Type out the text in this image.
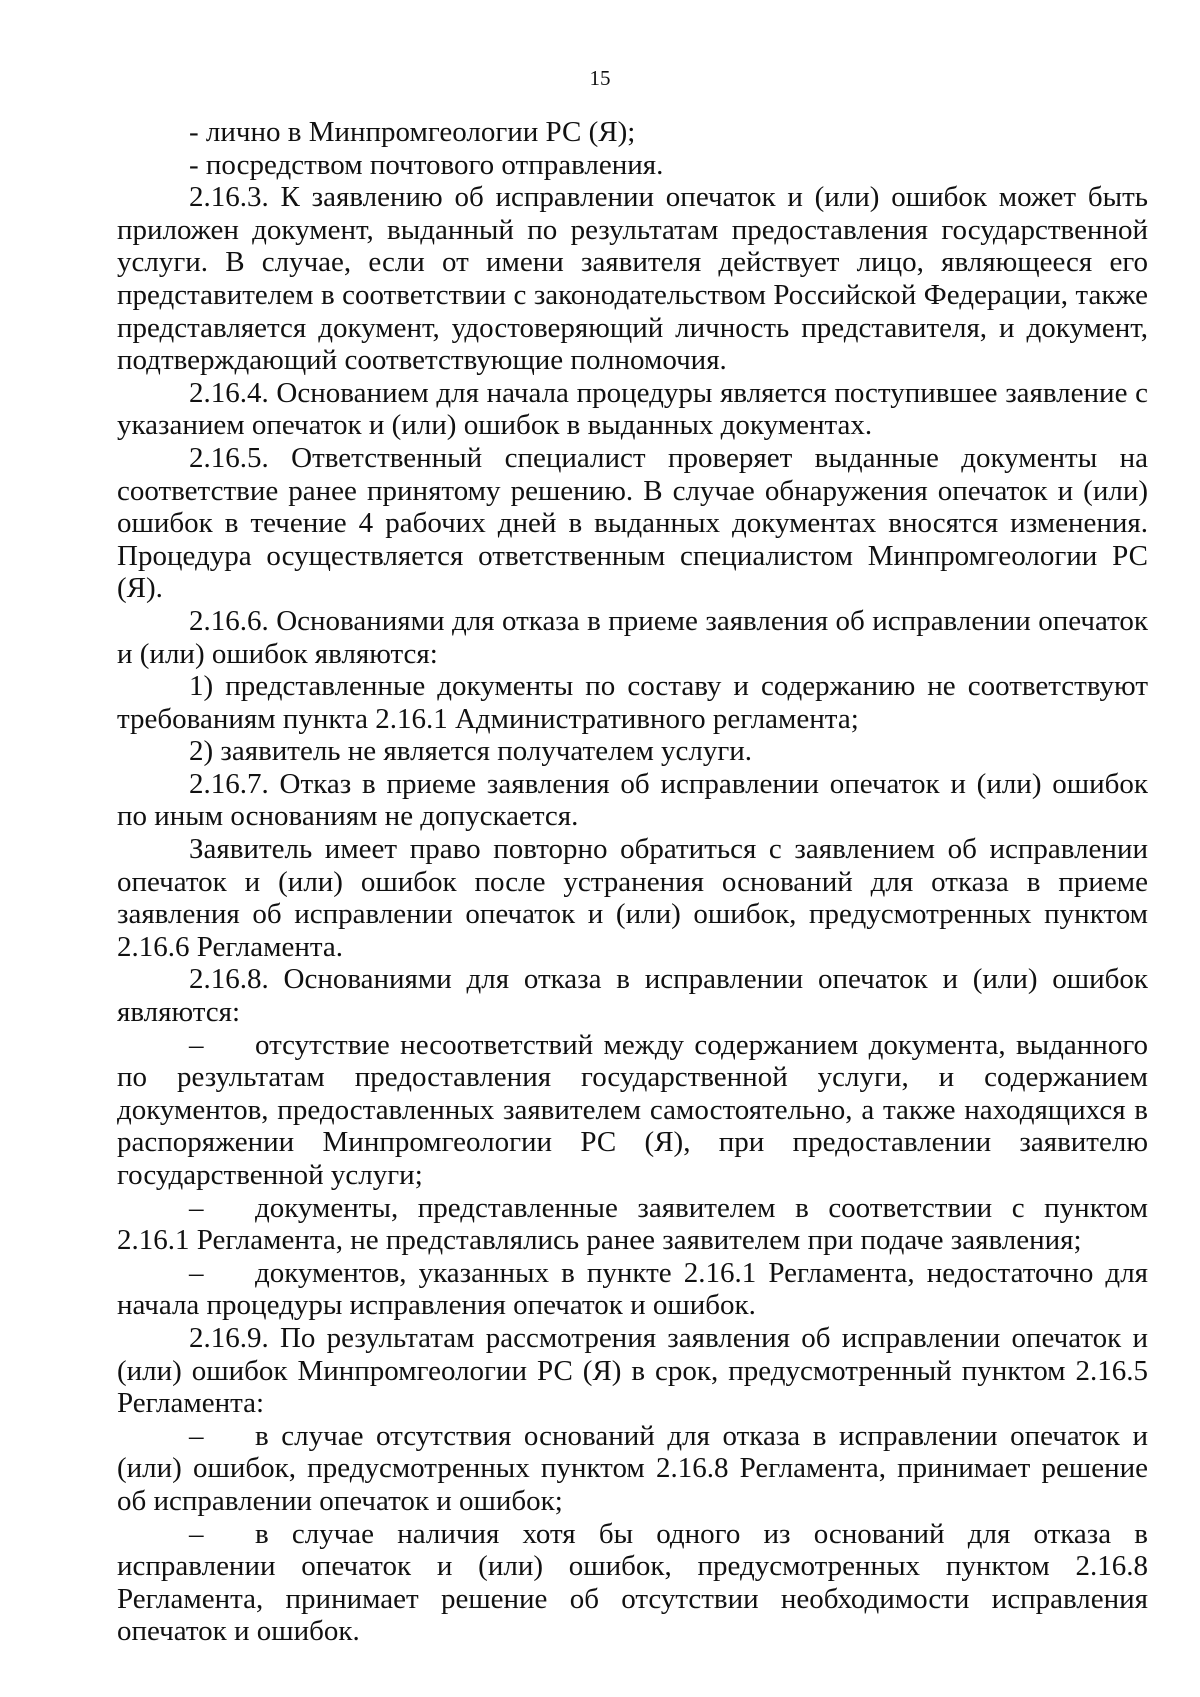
15

- лично в Минпромгеологии РС (Я);

- посредством почтового отправления.

2.16.3. К заявлению об исправлении опечаток и (или) ошибок может быть приложен документ, выданный по результатам предоставления государственной услуги. В случае, если от имени заявителя действует лицо, являющееся его представителем в соответствии с законодательством Российской Федерации, также представляется документ, удостоверяющий личность представителя, и документ, подтверждающий соответствующие полномочия.

2.16.4. Основанием для начала процедуры является поступившее заявление с указанием опечаток и (или) ошибок в выданных документах.

2.16.5. Ответственный специалист проверяет выданные документы на соответствие ранее принятому решению. В случае обнаружения опечаток и (или) ошибок в течение 4 рабочих дней в выданных документах вносятся изменения. Процедура осуществляется ответственным специалистом Минпромгеологии РС (Я).

2.16.6. Основаниями для отказа в приеме заявления об исправлении опечаток и (или) ошибок являются:

1) представленные документы по составу и содержанию не соответствуют требованиям пункта 2.16.1 Административного регламента;

2) заявитель не является получателем услуги.

2.16.7. Отказ в приеме заявления об исправлении опечаток и (или) ошибок по иным основаниям не допускается.

Заявитель имеет право повторно обратиться с заявлением об исправлении опечаток и (или) ошибок после устранения оснований для отказа в приеме заявления об исправлении опечаток и (или) ошибок, предусмотренных пунктом 2.16.6 Регламента.

2.16.8. Основаниями для отказа в исправлении опечаток и (или) ошибок являются:

– отсутствие несоответствий между содержанием документа, выданного по результатам предоставления государственной услуги, и содержанием документов, предоставленных заявителем самостоятельно, а также находящихся в распоряжении Минпромгеологии РС (Я), при предоставлении заявителю государственной услуги;

– документы, представленные заявителем в соответствии с пунктом 2.16.1 Регламента, не представлялись ранее заявителем при подаче заявления;

– документов, указанных в пункте 2.16.1 Регламента, недостаточно для начала процедуры исправления опечаток и ошибок.

2.16.9. По результатам рассмотрения заявления об исправлении опечаток и (или) ошибок Минпромгеологии РС (Я) в срок, предусмотренный пунктом 2.16.5 Регламента:

– в случае отсутствия оснований для отказа в исправлении опечаток и (или) ошибок, предусмотренных пунктом 2.16.8 Регламента, принимает решение об исправлении опечаток и ошибок;

– в случае наличия хотя бы одного из оснований для отказа в исправлении опечаток и (или) ошибок, предусмотренных пунктом 2.16.8 Регламента, принимает решение об отсутствии необходимости исправления опечаток и ошибок.
